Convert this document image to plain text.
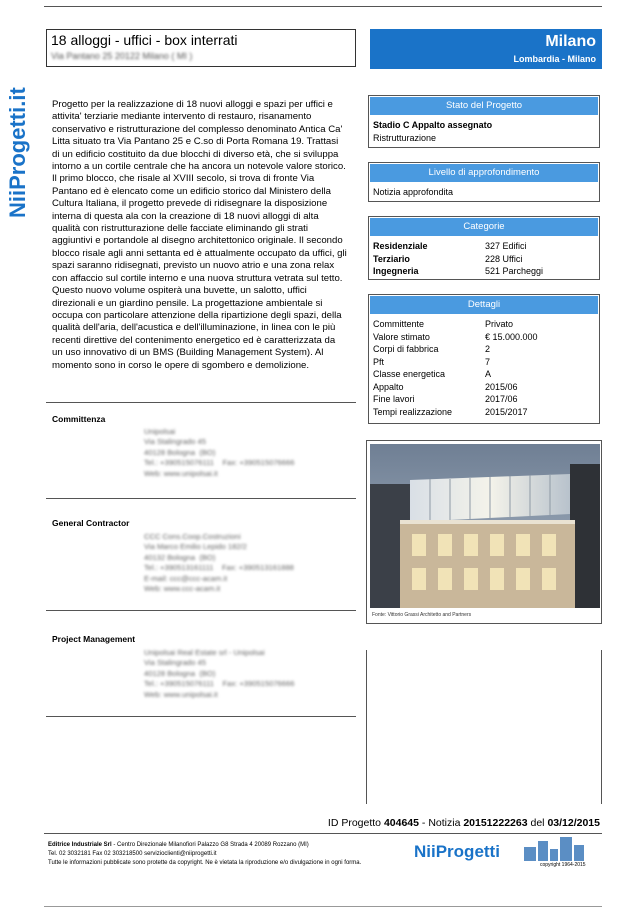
NiiProgetti.it
18 alloggi - uffici - box interrati
Via Pantano 25 20122 Milano ( MI )
Milano
Lombardia - Milano
Progetto per la realizzazione di 18 nuovi alloggi e spazi per uffici e attivita' terziarie mediante intervento di restauro, risanamento conservativo e ristrutturazione del complesso denominato Antica Ca' Litta situato tra Via Pantano 25 e C.so di Porta Romana 19. Trattasi di un edificio costituito da due blocchi di diverso età, che si sviluppa intorno a un cortile centrale che ha ancora un notevole valore storico. Il primo blocco, che risale al XVIII secolo, si trova di fronte Via Pantano ed è elencato come un edificio storico dal Ministero della Cultura Italiana, il progetto prevede di ridisegnare la disposizione interna di questa ala con la creazione di 18 nuovi alloggi di alta qualità con ristrutturazione delle facciate eliminando gli strati aggiuntivi e portandole al disegno architettonico originale. Il secondo blocco risale agli anni settanta ed è attualmente occupato da uffici, gli spazi saranno ridisegnati, previsto un nuovo atrio e una zona relax con affaccio sul cortile interno e una nuova struttura vetrata sul tetto. Questo nuovo volume ospiterà una buvette, un salotto, uffici direzionali e un giardino pensile. La progettazione ambientale si occupa con particolare attenzione della ripartizione degli spazi, della qualità dell'aria, dell'acustica e dell'illuminazione, in linea con le più recenti direttive del contenimento energetico ed è caratterizzata da un uso innovativo di un BMS (Building Management System). Al momento sono in corso le opere di sgombero e demolizione.
Committenza
Unipolsai
Via Stalingrado 45
40128 Bologna  (BO)
Tel.: +390515076111    Fax: +390515076666
Web: www.unipolsai.it
General Contractor
CCC Cons.Coop.Costruzioni
Via Marco Emilio Lepido 182/2
40132 Bologna  (BO)
Tel.: +390513161111    Fax: +390513161888
E-mail: ccc@ccc-acam.it
Web: www.ccc-acam.it
Project Management
Unipolsai Real Estate srl - Unipolsai
Via Stalingrado 45
40128 Bologna  (BO)
Tel.: +390515076111    Fax: +390515076666
Web: www.unipolsai.it
Stato del Progetto
Stadio C Appalto assegnato
Ristrutturazione
Livello di approfondimento
Notizia approfondita
Categorie
Residenziale	327 Edifici
Terziario	228 Uffici
Ingegneria	521 Parcheggi
Dettagli
Committente	Privato
Valore stimato	€ 15.000.000
Corpi di fabbrica	2
Pft	7
Classe energetica	A
Appalto	2015/06
Fine lavori	2017/06
Tempi realizzazione	2015/2017
Fonte: Vittorio Grassi Architetto and Partners
ID Progetto 404645 - Notizia 20151222263 del 03/12/2015
Editrice Industriale Srl - Centro Direzionale Milanofiori Palazzo G8 Strada 4 20089 Rozzano (MI)
Tel. 02 3032181 Fax 02 303218500 servizioclienti@niiprogetti.it
Tutte le informazioni pubblicate sono protette da copyright. Ne è vietata la riproduzione e/o divulgazione in ogni forma.
NiiProgetti
copyright 1964-2015
